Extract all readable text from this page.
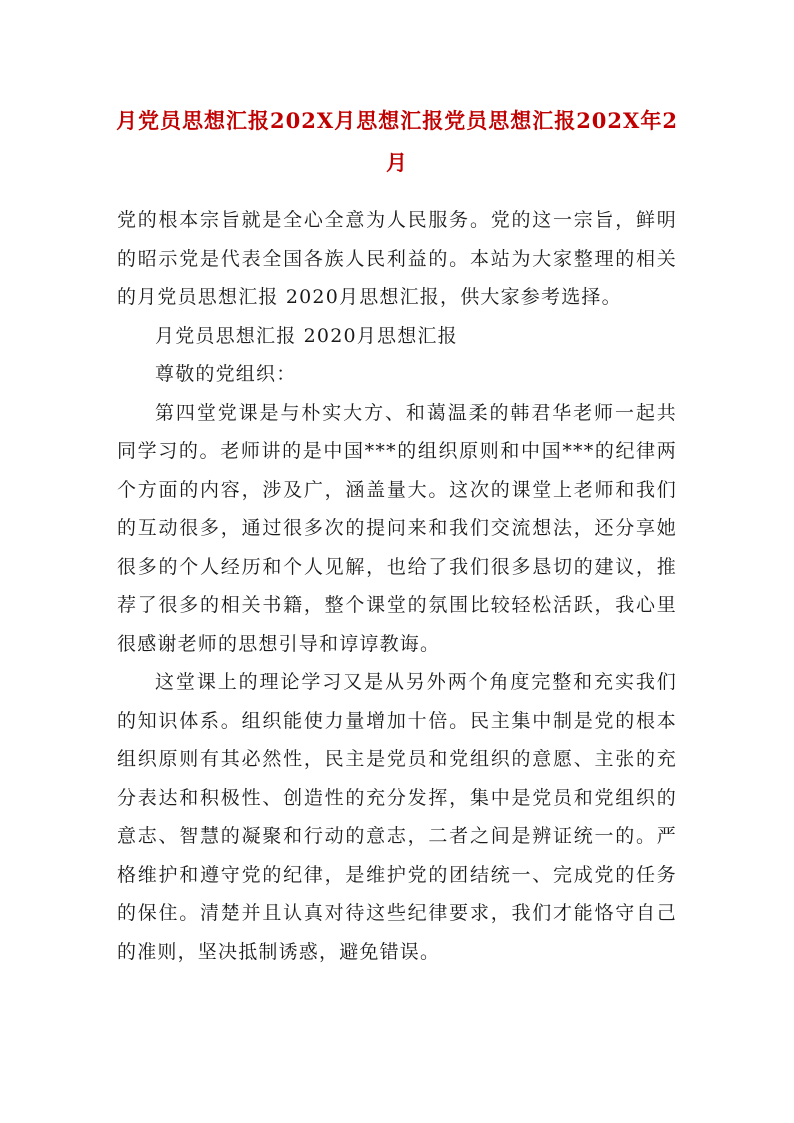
月党员思想汇报202X月思想汇报党员思想汇报202X年2月

党的根本宗旨就是全心全意为人民服务。党的这一宗旨，鲜明的昭示党是代表全国各族人民利益的。本站为大家整理的相关的月党员思想汇报 2020月思想汇报，供大家参考选择。

月党员思想汇报 2020月思想汇报

尊敬的党组织：

第四堂党课是与朴实大方、和蔼温柔的韩君华老师一起共同学习的。老师讲的是中国***的组织原则和中国***的纪律两个方面的内容，涉及广，涵盖量大。这次的课堂上老师和我们的互动很多，通过很多次的提问来和我们交流想法，还分享她很多的个人经历和个人见解，也给了我们很多恳切的建议，推荐了很多的相关书籍，整个课堂的氛围比较轻松活跃，我心里很感谢老师的思想引导和谆谆教诲。

这堂课上的理论学习又是从另外两个角度完整和充实我们的知识体系。组织能使力量增加十倍。民主集中制是党的根本组织原则有其必然性，民主是党员和党组织的意愿、主张的充分表达和积极性、创造性的充分发挥，集中是党员和党组织的意志、智慧的凝聚和行动的意志，二者之间是辨证统一的。严格维护和遵守党的纪律，是维护党的团结统一、完成党的任务的保住。清楚并且认真对待这些纪律要求，我们才能恪守自己的准则，坚决抵制诱惑，避免错误。
